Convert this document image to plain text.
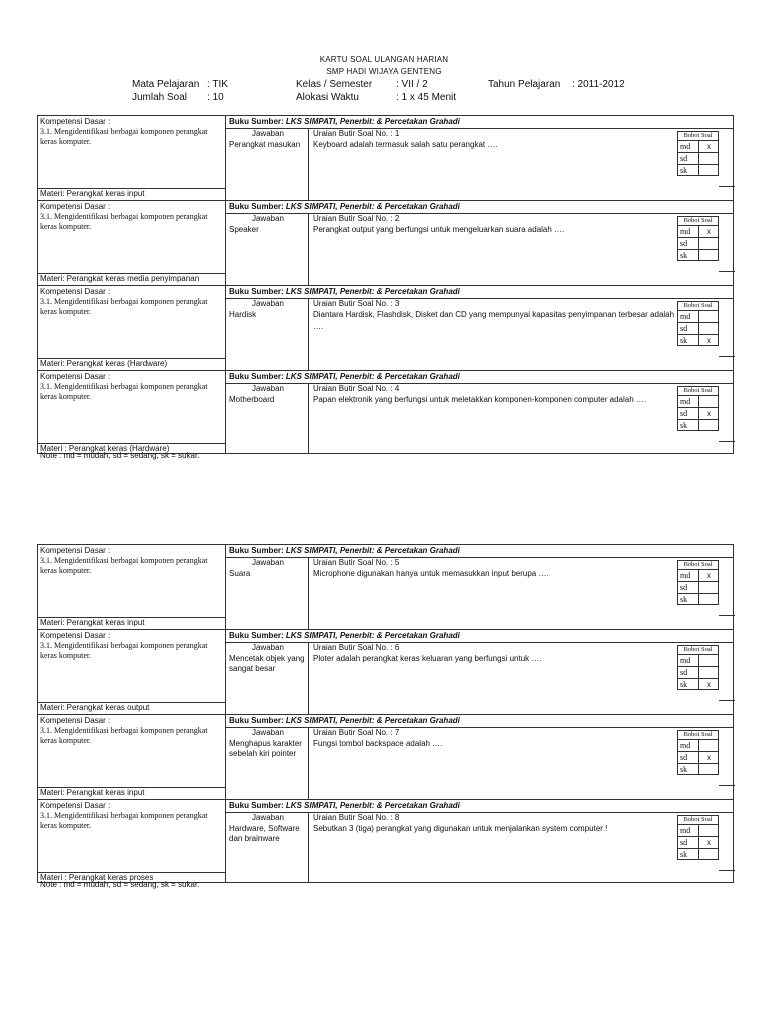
KARTU SOAL ULANGAN HARIAN
SMP HADI WIJAYA GENTENG
Mata Pelajaran : TIK	Kelas / Semester : VII / 2	Tahun Pelajaran : 2011-2012
Jumlah Soal : 10	Alokasi Waktu	: 1 x 45 Menit
Kompetensi Dasar :
3.1. Mengidentifikasi berbagai komponen perangkat keras komputer.
Materi: Perangkat keras input
Buku Sumber: LKS SIMPATI, Penerbit: & Percetakan Grahadi
Jawaban
Perangkat masukan
Uraian Butir Soal No. : 1
Keyboard adalah termasuk salah satu perangkat ….
Bobot Soal
md	x
sd
sk
Kompetensi Dasar :
3.1. Mengidentifikasi berbagai komponen perangkat keras komputer.
Materi: Perangkat keras media penyimpanan
Buku Sumber: LKS SIMPATI, Penerbit: & Percetakan Grahadi
Jawaban
Speaker
Uraian Butir Soal No. : 2
Perangkat output yang berfungsi untuk mengeluarkan suara adalah ….
Bobot Soal
md	x
sd
sk
Kompetensi Dasar :
3.1. Mengidentifikasi berbagai komponen perangkat keras komputer.
Materi: Perangkat keras (Hardware)
Buku Sumber: LKS SIMPATI, Penerbit: & Percetakan Grahadi
Jawaban
Hardisk
Uraian Butir Soal No. : 3
Diantara Hardisk, Flashdisk, Disket dan CD yang mempunyai kapasitas penyimpanan terbesar adalah ….
Bobot Soal
md
sd
sk	x
Kompetensi Dasar :
3.1. Mengidentifikasi berbagai komponen perangkat keras komputer.
Materi : Perangkat keras (Hardware)
Buku Sumber: LKS SIMPATI, Penerbit: & Percetakan Grahadi
Jawaban
Motherboard
Uraian Butir Soal No. : 4
Papan elektronik yang berfungsi untuk meletakkan komponen-komponen computer adalah ….
Bobot Soal
md
sd	x
sk
Note : md = mudah, sd = sedang, sk = sukar.
Kompetensi Dasar :
3.1. Mengidentifikasi berbagai komponen perangkat keras komputer.
Materi: Perangkat keras input
Buku Sumber: LKS SIMPATI, Penerbit: & Percetakan Grahadi
Jawaban
Suara
Uraian Butir Soal No. : 5
Microphone digunakan hanya untuk memasukkan input berupa ….
Bobot Soal
md	x
sd
sk
Kompetensi Dasar :
3.1. Mengidentifikasi berbagai komponen perangkat keras komputer.
Materi: Perangkat keras output
Buku Sumber: LKS SIMPATI, Penerbit: & Percetakan Grahadi
Jawaban
Mencetak objek yang sangat besar
Uraian Butir Soal No. : 6
Ploter adalah perangkat keras keluaran yang berfungsi untuk ….
Bobot Soal
md
sd
sk	x
Kompetensi Dasar :
3.1. Mengidentifikasi berbagai komponen perangkat keras komputer.
Materi: Perangkat keras input
Buku Sumber: LKS SIMPATI, Penerbit: & Percetakan Grahadi
Jawaban
Menghapus karakter sebelah kiri pointer
Uraian Butir Soal No. : 7
Fungsi tombol backspace adalah ….
Bobot Soal
md
sd	x
sk
Kompetensi Dasar :
3.1. Mengidentifikasi berbagai komponen perangkat keras komputer.
Materi : Perangkat keras proses
Buku Sumber: LKS SIMPATI, Penerbit: & Percetakan Grahadi
Jawaban
Hardware, Software dan brainware
Uraian Butir Soal No. : 8
Sebutkan 3 (tiga) perangkat yang digunakan untuk menjalankan system computer !
Bobot Soal
md
sd	x
sk
Note : md = mudah, sd = sedang, sk = sukar.
